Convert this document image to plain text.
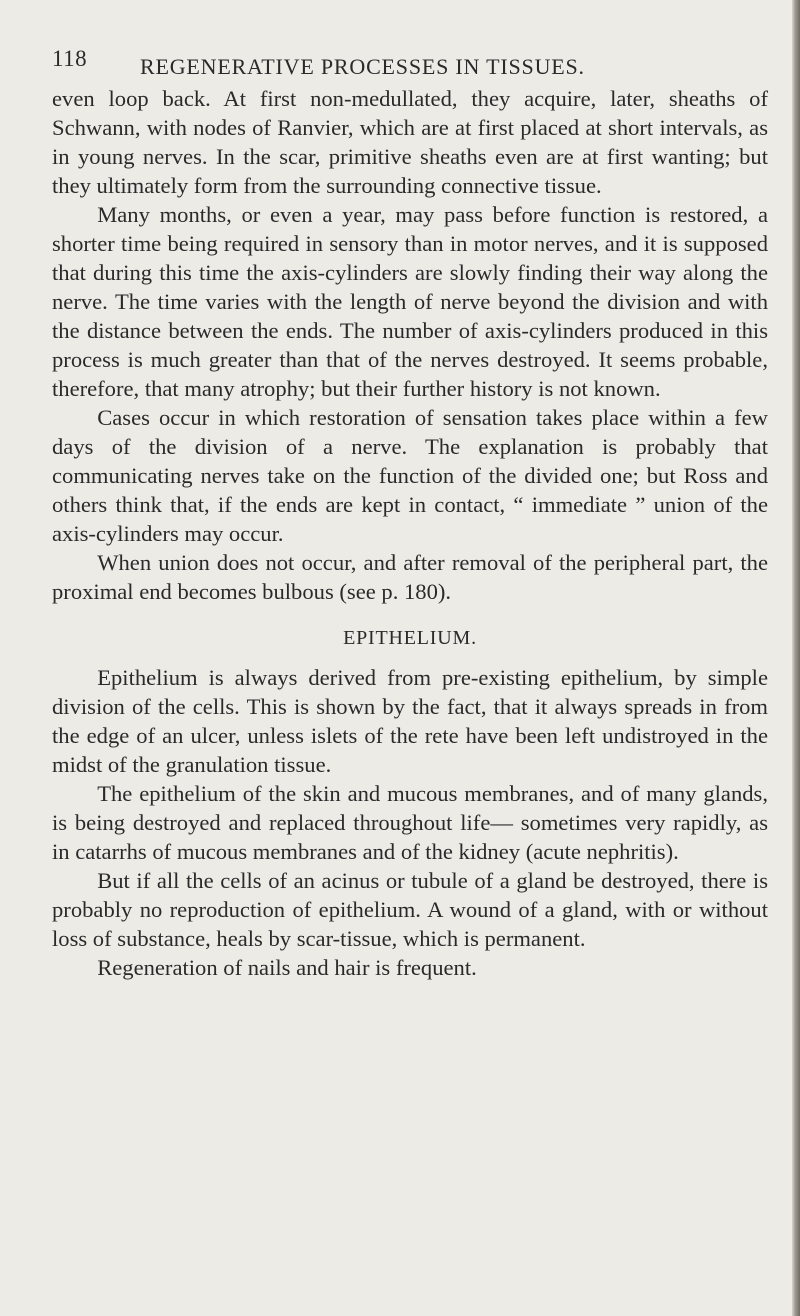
118 REGENERATIVE PROCESSES IN TISSUES.

even loop back. At first non-medullated, they acquire, later, sheaths of Schwann, with nodes of Ranvier, which are at first placed at short intervals, as in young nerves. In the scar, primitive sheaths even are at first wanting; but they ultimately form from the surrounding connective tissue.

Many months, or even a year, may pass before function is restored, a shorter time being required in sensory than in motor nerves, and it is supposed that during this time the axis-cylinders are slowly finding their way along the nerve. The time varies with the length of nerve beyond the division and with the distance between the ends. The number of axis-cylinders produced in this process is much greater than that of the nerves destroyed. It seems probable, therefore, that many atrophy; but their further history is not known.

Cases occur in which restoration of sensation takes place within a few days of the division of a nerve. The explanation is probably that communicating nerves take on the function of the divided one; but Ross and others think that, if the ends are kept in contact, “ immediate ” union of the axis-cylinders may occur.

When union does not occur, and after removal of the peripheral part, the proximal end becomes bulbous (see p. 180).

EPITHELIUM.

Epithelium is always derived from pre-existing epithelium, by simple division of the cells. This is shown by the fact, that it always spreads in from the edge of an ulcer, unless islets of the rete have been left undistroyed in the midst of the granulation tissue.

The epithelium of the skin and mucous membranes, and of many glands, is being destroyed and replaced throughout life— sometimes very rapidly, as in catarrhs of mucous membranes and of the kidney (acute nephritis).

But if all the cells of an acinus or tubule of a gland be destroyed, there is probably no reproduction of epithelium. A wound of a gland, with or without loss of substance, heals by scar-tissue, which is permanent.

Regeneration of nails and hair is frequent.
